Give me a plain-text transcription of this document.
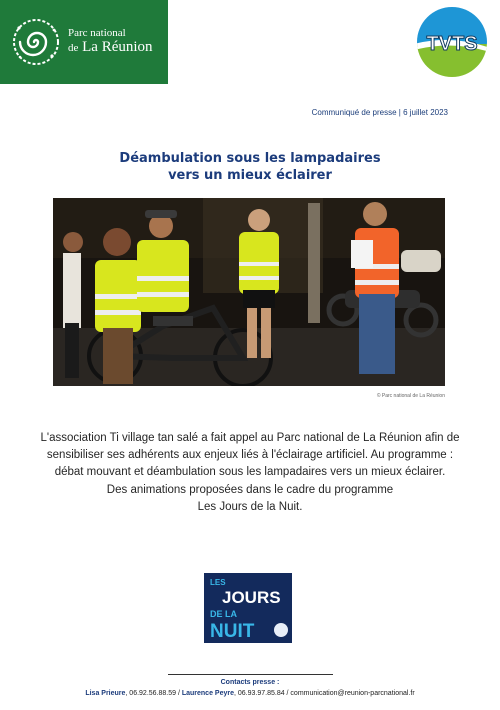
Parc national
de La Réunion	TVTS
Communiqué de presse | 6 juillet 2023
Déambulation sous les lampadaires
vers un mieux éclairer
© Parc national de La Réunion

L'association Ti village tan salé a fait appel au Parc national de La Réunion afin de sensibiliser ses adhérents aux enjeux liés à l'éclairage artificiel. Au programme : débat mouvant et déambulation sous les lampadaires vers un mieux éclairer.

Des animations proposées dans le cadre du programme

Les Jours de la Nuit.

LES
JOURS
DE LA
NUIT
Contacts presse :
Lisa Prieure, 06.92.56.88.59 / Laurence Peyre, 06.93.97.85.84 / communication@reunion-parcnational.fr
